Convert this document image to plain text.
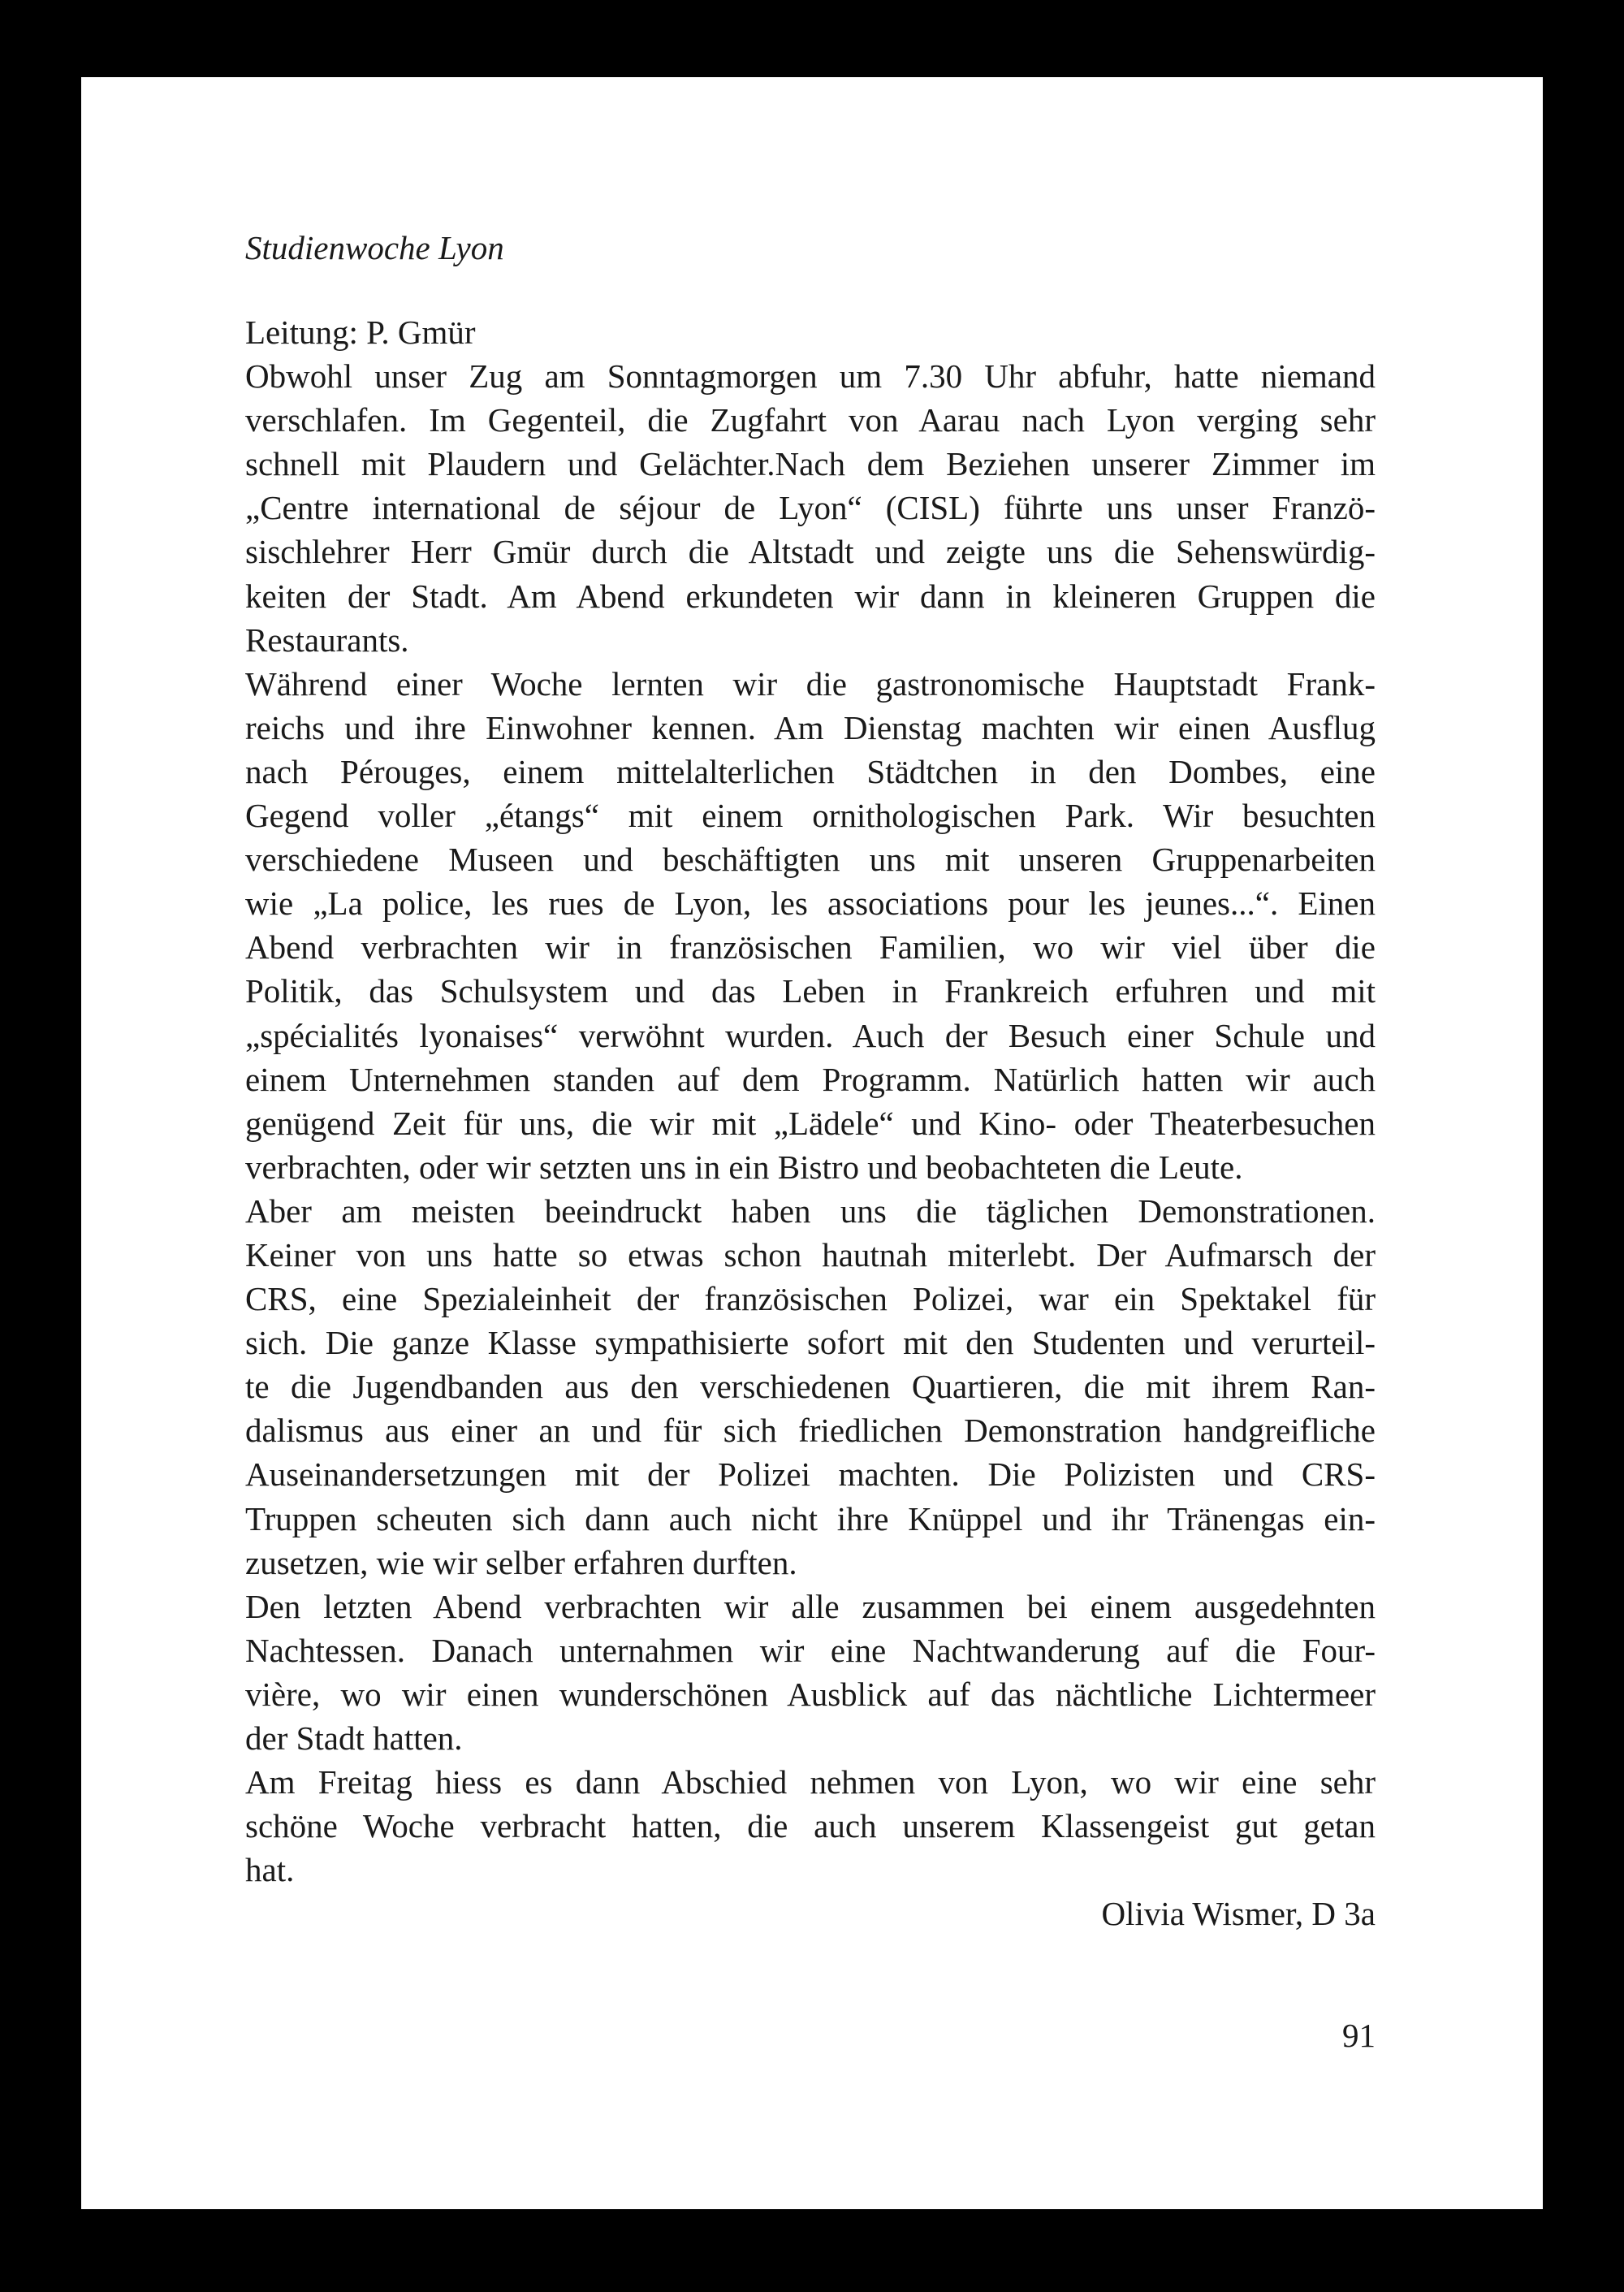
Studienwoche Lyon

Leitung: P. Gmür
Obwohl unser Zug am Sonntagmorgen um 7.30 Uhr abfuhr, hatte niemand
verschlafen. Im Gegenteil, die Zugfahrt von Aarau nach Lyon verging sehr
schnell mit Plaudern und Gelächter.Nach dem Beziehen unserer Zimmer im
„Centre international de séjour de Lyon“ (CISL) führte uns unser Franzö-
sischlehrer Herr Gmür durch die Altstadt und zeigte uns die Sehenswürdig-
keiten der Stadt. Am Abend erkundeten wir dann in kleineren Gruppen die
Restaurants.
Während einer Woche lernten wir die gastronomische Hauptstadt Frank-
reichs und ihre Einwohner kennen. Am Dienstag machten wir einen Ausflug
nach Pérouges, einem mittelalterlichen Städtchen in den Dombes, eine
Gegend voller „étangs“ mit einem ornithologischen Park. Wir besuchten
verschiedene Museen und beschäftigten uns mit unseren Gruppenarbeiten
wie „La police, les rues de Lyon, les associations pour les jeunes...“. Einen
Abend verbrachten wir in französischen Familien, wo wir viel über die
Politik, das Schulsystem und das Leben in Frankreich erfuhren und mit
„spécialités lyonaises“ verwöhnt wurden. Auch der Besuch einer Schule und
einem Unternehmen standen auf dem Programm. Natürlich hatten wir auch
genügend Zeit für uns, die wir mit „Lädele“ und Kino- oder Theaterbesuchen
verbrachten, oder wir setzten uns in ein Bistro und beobachteten die Leute.
Aber am meisten beeindruckt haben uns die täglichen Demonstrationen.
Keiner von uns hatte so etwas schon hautnah miterlebt. Der Aufmarsch der
CRS, eine Spezialeinheit der französischen Polizei, war ein Spektakel für
sich. Die ganze Klasse sympathisierte sofort mit den Studenten und verurteil-
te die Jugendbanden aus den verschiedenen Quartieren, die mit ihrem Ran-
dalismus aus einer an und für sich friedlichen Demonstration handgreifliche
Auseinandersetzungen mit der Polizei machten. Die Polizisten und CRS-
Truppen scheuten sich dann auch nicht ihre Knüppel und ihr Tränengas ein-
zusetzen, wie wir selber erfahren durften.
Den letzten Abend verbrachten wir alle zusammen bei einem ausgedehnten
Nachtessen. Danach unternahmen wir eine Nachtwanderung auf die Four-
vière, wo wir einen wunderschönen Ausblick auf das nächtliche Lichtermeer
der Stadt hatten.
Am Freitag hiess es dann Abschied nehmen von Lyon, wo wir eine sehr
schöne Woche verbracht hatten, die auch unserem Klassengeist gut getan
hat.

Olivia Wismer, D 3a

91
